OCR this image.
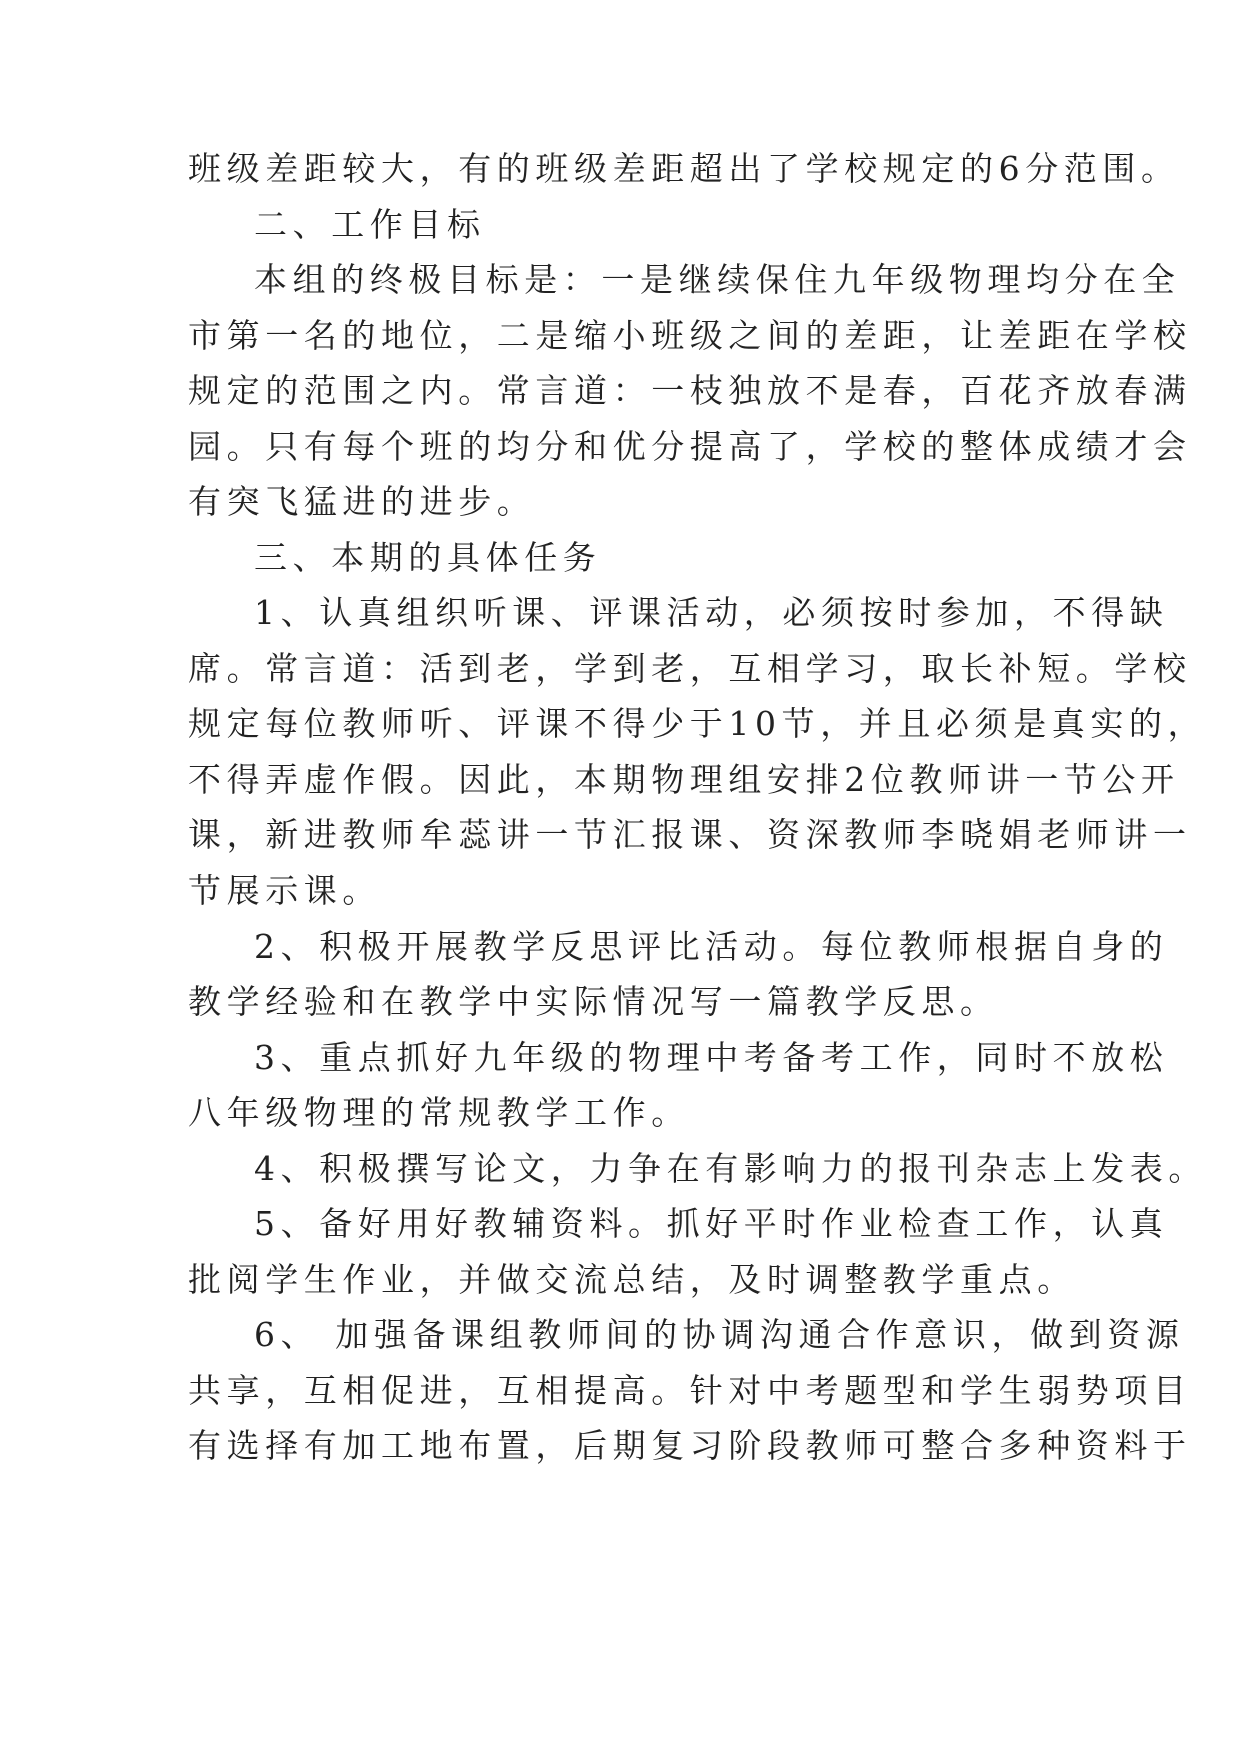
班级差距较大，有的班级差距超出了学校规定的6分范围。
二、工作目标
本组的终极目标是：一是继续保住九年级物理均分在全
市第一名的地位，二是缩小班级之间的差距，让差距在学校
规定的范围之内。常言道：一枝独放不是春，百花齐放春满
园。只有每个班的均分和优分提高了，学校的整体成绩才会
有突飞猛进的进步。
三、本期的具体任务
1、认真组织听课、评课活动，必须按时参加，不得缺
席。常言道：活到老，学到老，互相学习，取长补短。学校
规定每位教师听、评课不得少于10节，并且必须是真实的，
不得弄虚作假。因此，本期物理组安排2位教师讲一节公开
课，新进教师牟蕊讲一节汇报课、资深教师李晓娟老师讲一
节展示课。
2、积极开展教学反思评比活动。每位教师根据自身的
教学经验和在教学中实际情况写一篇教学反思。
3、重点抓好九年级的物理中考备考工作，同时不放松
八年级物理的常规教学工作。
4、积极撰写论文，力争在有影响力的报刊杂志上发表。
5、备好用好教辅资料。抓好平时作业检查工作，认真
批阅学生作业，并做交流总结，及时调整教学重点。
6、 加强备课组教师间的协调沟通合作意识，做到资源
共享，互相促进，互相提高。针对中考题型和学生弱势项目
有选择有加工地布置，后期复习阶段教师可整合多种资料于
